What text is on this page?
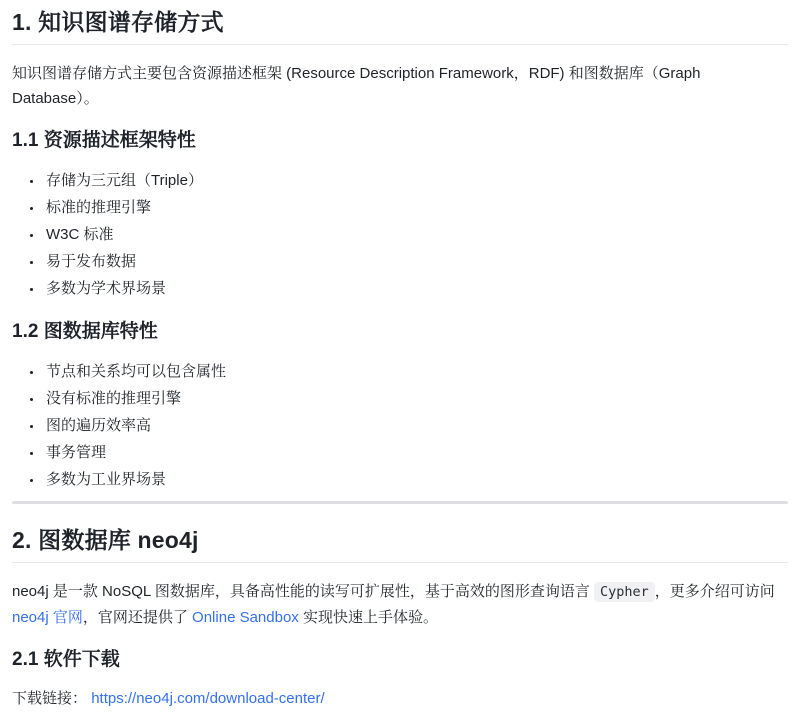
1. 知识图谱存储方式

知识图谱存储方式主要包含资源描述框架 (Resource Description Framework，RDF) 和图数据库（Graph Database）。

1.1 资源描述框架特性
• 存储为三元组（Triple）
• 标准的推理引擎
• W3C 标准
• 易于发布数据
• 多数为学术界场景
1.2 图数据库特性
• 节点和关系均可以包含属性
• 没有标准的推理引擎
• 图的遍历效率高
• 事务管理
• 多数为工业界场景
2. 图数据库 neo4j

neo4j 是一款 NoSQL 图数据库，具备高性能的读写可扩展性，基于高效的图形查询语言 Cypher ，更多介绍可访问 neo4j 官网，官网还提供了 Online Sandbox 实现快速上手体验。

2.1 软件下载

下载链接： https://neo4j.com/download-center/
